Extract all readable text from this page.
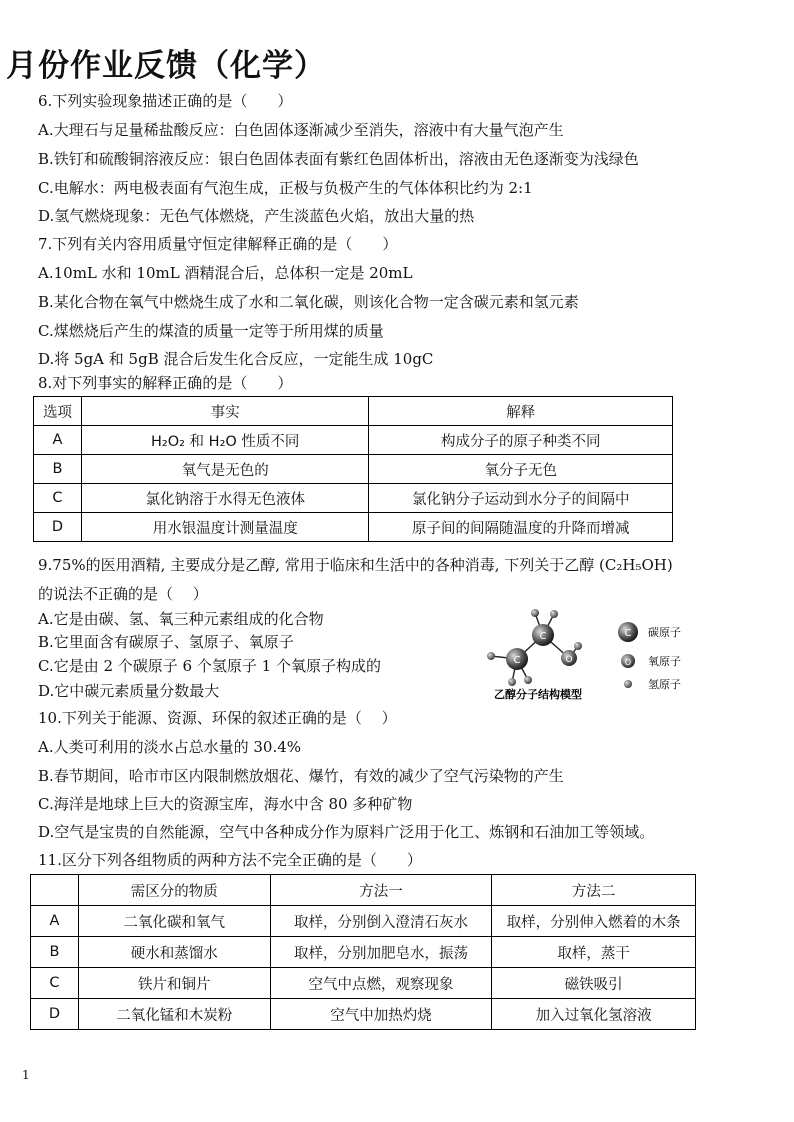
月份作业反馈（化学）
6.下列实验现象描述正确的是（　　）
A.大理石与足量稀盐酸反应：白色固体逐渐减少至消失，溶液中有大量气泡产生
B.铁钉和硫酸铜溶液反应：银白色固体表面有紫红色固体析出，溶液由无色逐渐变为浅绿色
C.电解水：两电极表面有气泡生成，正极与负极产生的气体体积比约为 2:1
D.氢气燃烧现象：无色气体燃烧，产生淡蓝色火焰，放出大量的热
7.下列有关内容用质量守恒定律解释正确的是（　　）
A.10mL 水和 10mL 酒精混合后，总体积一定是 20mL
B.某化合物在氧气中燃烧生成了水和二氧化碳，则该化合物一定含碳元素和氢元素
C.煤燃烧后产生的煤渣的质量一定等于所用煤的质量
D.将 5gA 和 5gB 混合后发生化合反应，一定能生成 10gC
8.对下列事实的解释正确的是（　　）
选项	事实	解释
A	H₂O₂ 和 H₂O 性质不同	构成分子的原子种类不同
B	氧气是无色的	氧分子无色
C	氯化钠溶于水得无色液体	氯化钠分子运动到水分子的间隔中
D	用水银温度计测量温度	原子间的间隔随温度的升降而增减
9.75%的医用酒精, 主要成分是乙醇, 常用于临床和生活中的各种消毒, 下列关于乙醇 (C₂H₅OH)
的说法不正确的是（　 ）
A.它是由碳、氢、氧三种元素组成的化合物
B.它里面含有碳原子、氢原子、氧原子
C.它是由 2 个碳原子 6 个氢原子 1 个氧原子构成的
D.它中碳元素质量分数最大
C
C
O
乙醇分子结构模型
C 碳原子
O 氧原子
氢原子
10.下列关于能源、资源、环保的叙述正确的是（　 ）
A.人类可利用的淡水占总水量的 30.4%
B.春节期间，哈市市区内限制燃放烟花、爆竹，有效的减少了空气污染物的产生
C.海洋是地球上巨大的资源宝库，海水中含 80 多种矿物
D.空气是宝贵的自然能源，空气中各种成分作为原料广泛用于化工、炼钢和石油加工等领域。
11.区分下列各组物质的两种方法不完全正确的是（　　）
	需区分的物质	方法一	方法二
A	二氧化碳和氧气	取样，分别倒入澄清石灰水	取样，分别伸入燃着的木条
B	硬水和蒸馏水	取样，分别加肥皂水，振荡	取样，蒸干
C	铁片和铜片	空气中点燃，观察现象	磁铁吸引
D	二氧化锰和木炭粉	空气中加热灼烧	加入过氧化氢溶液
1
